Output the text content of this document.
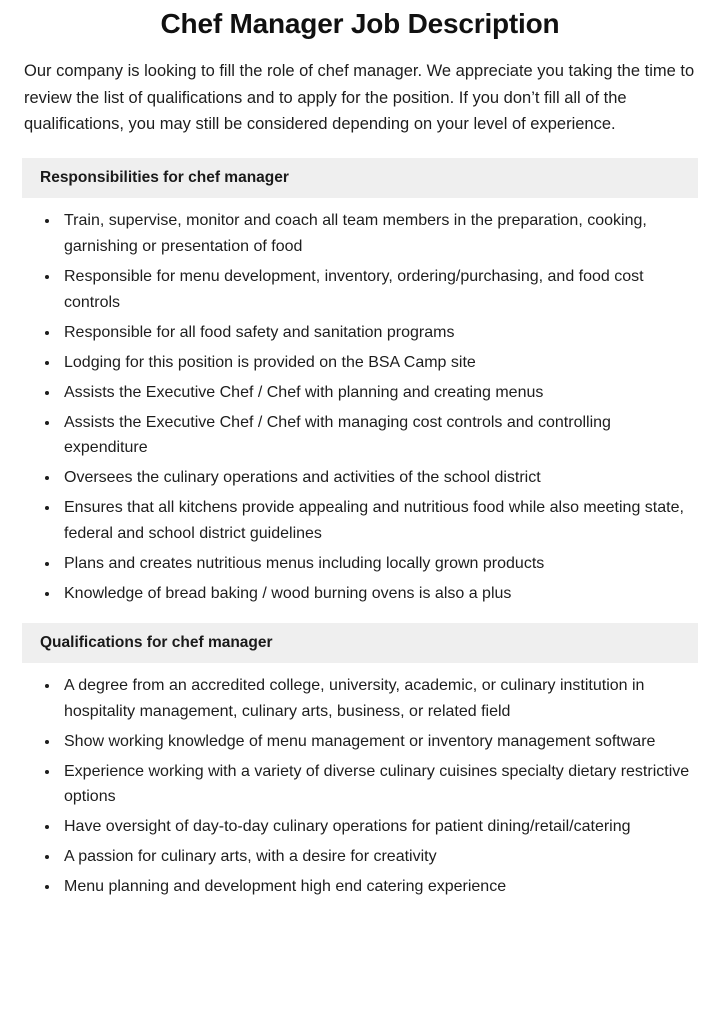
Chef Manager Job Description

Our company is looking to fill the role of chef manager. We appreciate you taking the time to review the list of qualifications and to apply for the position. If you don’t fill all of the qualifications, you may still be considered depending on your level of experience.

Responsibilities for chef manager
• Train, supervise, monitor and coach all team members in the preparation, cooking, garnishing or presentation of food
• Responsible for menu development, inventory, ordering/purchasing, and food cost controls
• Responsible for all food safety and sanitation programs
• Lodging for this position is provided on the BSA Camp site
• Assists the Executive Chef / Chef with planning and creating menus
• Assists the Executive Chef / Chef with managing cost controls and controlling expenditure
• Oversees the culinary operations and activities of the school district
• Ensures that all kitchens provide appealing and nutritious food while also meeting state, federal and school district guidelines
• Plans and creates nutritious menus including locally grown products
• Knowledge of bread baking / wood burning ovens is also a plus
Qualifications for chef manager
• A degree from an accredited college, university, academic, or culinary institution in hospitality management, culinary arts, business, or related field
• Show working knowledge of menu management or inventory management software
• Experience working with a variety of diverse culinary cuisines specialty dietary restrictive options
• Have oversight of day-to-day culinary operations for patient dining/retail/catering
• A passion for culinary arts, with a desire for creativity
• Menu planning and development high end catering experience
